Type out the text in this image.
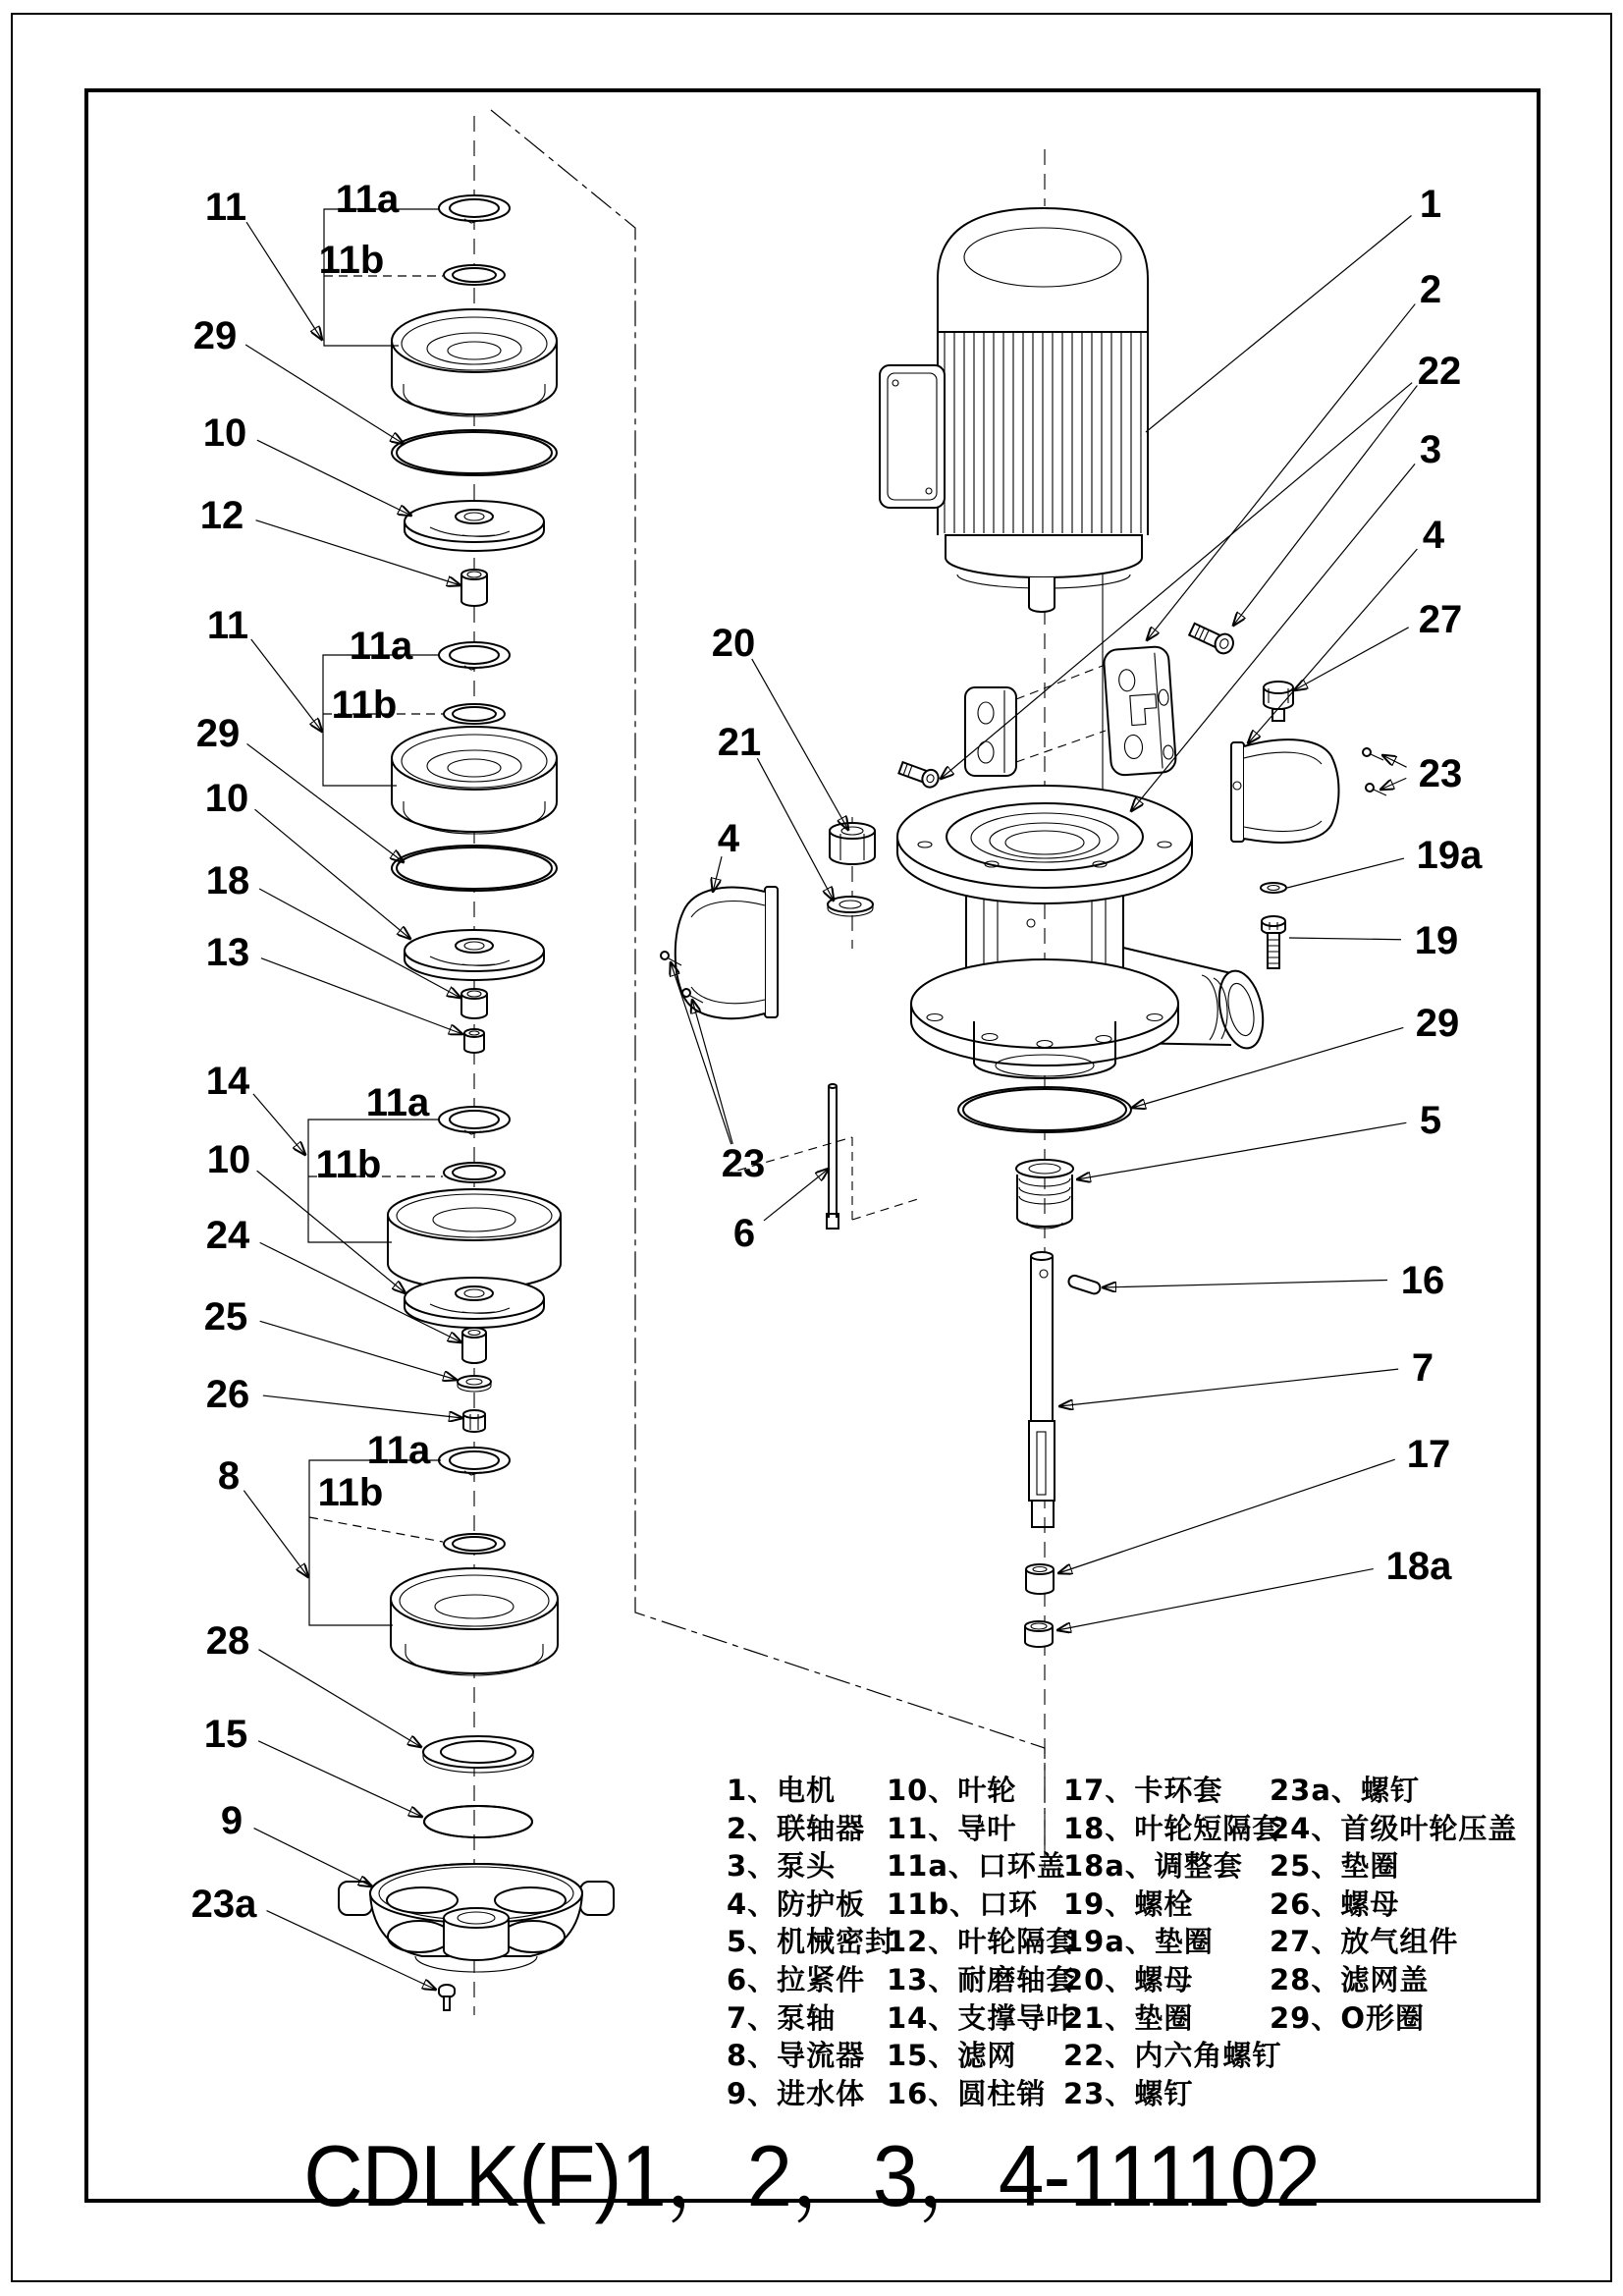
11 11a
11b
29
10
12
11	11a
11b
29
10
18
13
14	11a
10 11b
24
25
26
8
11a
11b
28
15
9
23a
20
21
4
23
6
1
2
22
3
4
27
23
19a
19
29
5
16
7
17
18a
1、电机
2、联轴器
3、泵头
4、防护板
5、机械密封
6、拉紧件
7、泵轴
8、导流器
9、进水体
10、叶轮
11、导叶
11a、口环盖
11b、口环
12、叶轮隔套
13、耐磨轴套
14、支撑导叶
15、滤网
16、圆柱销
17、卡环套
18、叶轮短隔套
18a、调整套
19、螺栓
19a、垫圈
20、螺母
21、垫圈
22、内六角螺钉
23、螺钉
23a、螺钉
24、首级叶轮压盖
25、垫圈
26、螺母
27、放气组件
28、滤网盖
29、O形圈
CDLK(F)1，2，3，4-111102
